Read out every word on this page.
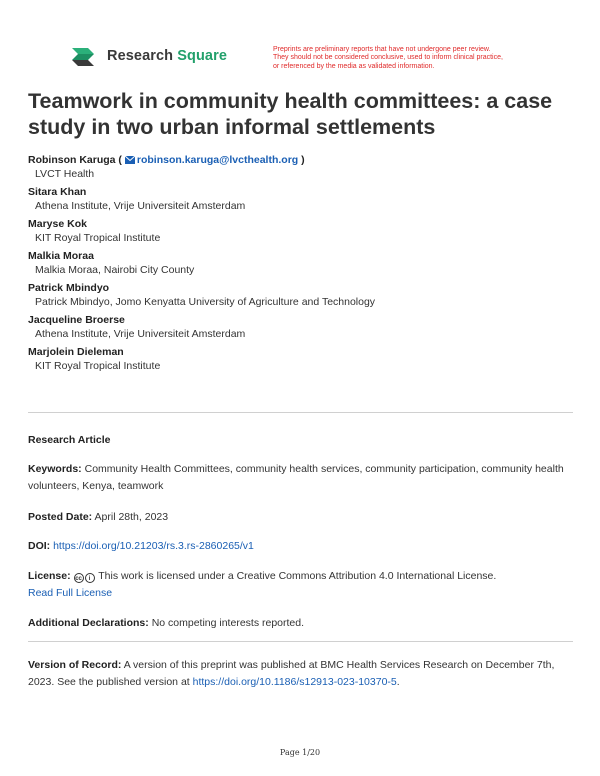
Research Square	Preprints are preliminary reports that have not undergone peer review.
They should not be considered conclusive, used to inform clinical practice,
or referenced by the media as validated information.
Teamwork in community health committees: a case study in two urban informal settlements
Robinson Karuga ( robinson.karuga@lvcthealth.org )
LVCT Health
Sitara Khan
Athena Institute, Vrije Universiteit Amsterdam
Maryse Kok
KIT Royal Tropical Institute
Malkia Moraa
Malkia Moraa, Nairobi City County
Patrick Mbindyo
Patrick Mbindyo, Jomo Kenyatta University of Agriculture and Technology
Jacqueline Broerse
Athena Institute, Vrije Universiteit Amsterdam
Marjolein Dieleman
KIT Royal Tropical Institute
Research Article
Keywords: Community Health Committees, community health services, community participation, community health volunteers, Kenya, teamwork
Posted Date: April 28th, 2023
DOI: https://doi.org/10.21203/rs.3.rs-2860265/v1
License: cc i This work is licensed under a Creative Commons Attribution 4.0 International License.
Read Full License
Additional Declarations: No competing interests reported.
Version of Record: A version of this preprint was published at BMC Health Services Research on December 7th, 2023. See the published version at https://doi.org/10.1186/s12913-023-10370-5.
Page 1/20
